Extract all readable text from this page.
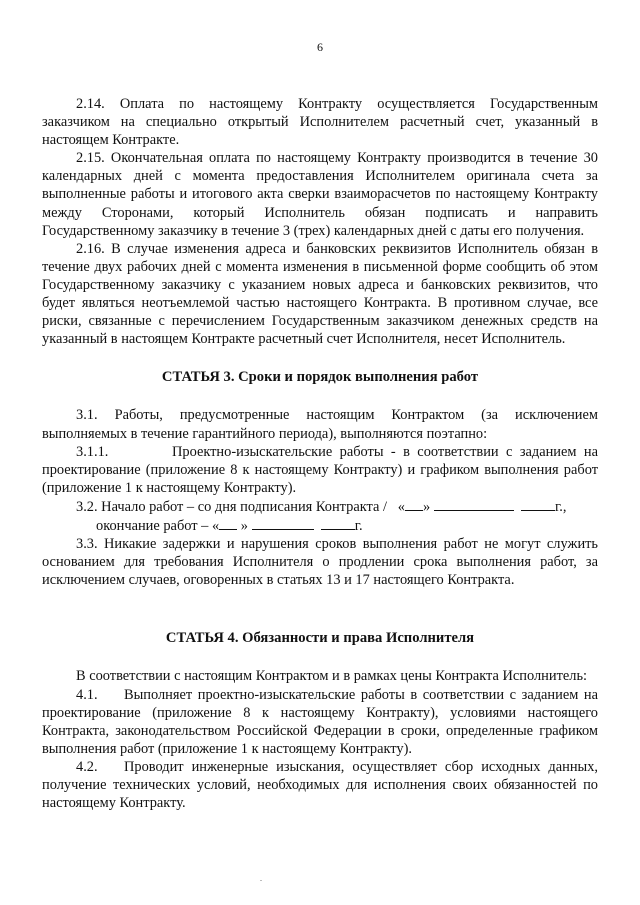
6

2.14. Оплата по настоящему Контракту осуществляется Государственным заказчиком на специально открытый Исполнителем расчетный счет, указанный в настоящем Контракте.

2.15. Окончательная оплата по настоящему Контракту производится в течение 30 календарных дней с момента предоставления Исполнителем оригинала счета за выполненные работы и итогового акта сверки взаиморасчетов по настоящему Контракту между Сторонами, который Исполнитель обязан подписать и направить Государственному заказчику в течение 3 (трех) календарных дней с даты его получения.

2.16. В случае изменения адреса и банковских реквизитов Исполнитель обязан в течение двух рабочих дней с момента изменения в письменной форме сообщить об этом Государственному заказчику с указанием новых адреса и банковских реквизитов, что будет являться неотъемлемой частью настоящего Контракта. В противном случае, все риски, связанные с перечислением Государственным заказчиком денежных средств на указанный в настоящем Контракте расчетный счет Исполнителя, несет Исполнитель.

СТАТЬЯ 3. Сроки и порядок выполнения работ

3.1. Работы, предусмотренные настоящим Контрактом (за исключением выполняемых в течение гарантийного периода), выполняются поэтапно:

3.1.1.	Проектно-изыскательские работы - в соответствии с заданием на проектирование (приложение 8 к настоящему Контракту) и графиком выполнения работ (приложение 1 к настоящему Контракту).

3.2. Начало работ – со дня подписания Контракта / « »	г.,

окончание работ – « »	г.

3.3. Никакие задержки и нарушения сроков выполнения работ не могут служить основанием для требования Исполнителя о продлении срока выполнения работ, за исключением случаев, оговоренных в статьях 13 и 17 настоящего Контракта.

СТАТЬЯ 4. Обязанности и права Исполнителя

В соответствии с настоящим Контрактом и в рамках цены Контракта Исполнитель:

4.1. Выполняет проектно-изыскательские работы в соответствии с заданием на проектирование (приложение 8 к настоящему Контракту), условиями настоящего Контракта, законодательством Российской Федерации в сроки, определенные графиком выполнения работ (приложение 1 к настоящему Контракту).

4.2. Проводит инженерные изыскания, осуществляет сбор исходных данных, получение технических условий, необходимых для исполнения своих обязанностей по настоящему Контракту.
